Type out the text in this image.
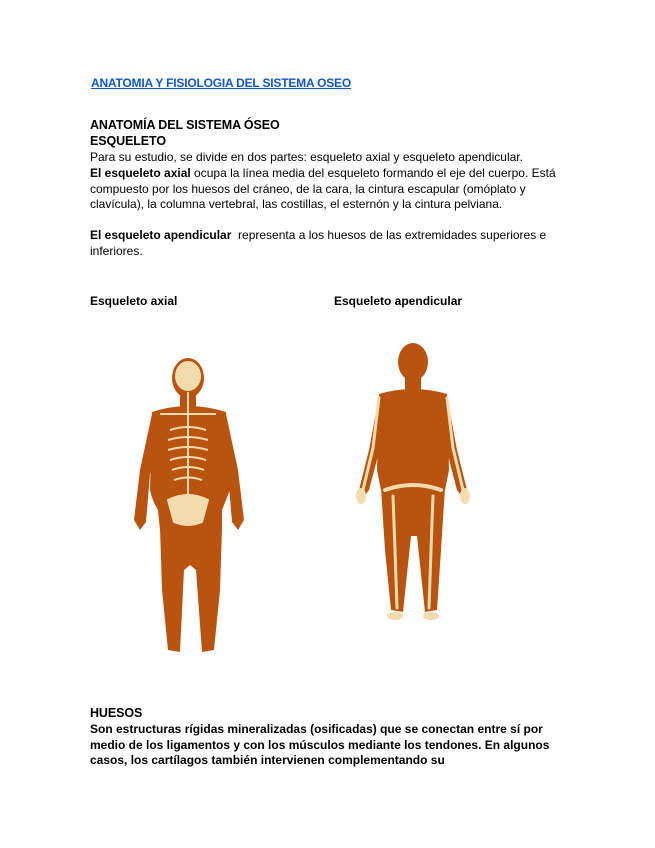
ANATOMIA Y FISIOLOGIA DEL SISTEMA OSEO
ANATOMÍA DEL SISTEMA ÓSEO
ESQUELETO
Para su estudio, se divide en dos partes: esqueleto axial y esqueleto apendicular.
El esqueleto axial ocupa la línea media del esqueleto formando el eje del cuerpo. Está compuesto por los huesos del cráneo, de la cara, la cintura escapular (omóplato y clavícula), la columna vertebral, las costillas, el esternón y la cintura pelviana.
El esqueleto apendicular  representa a los huesos de las extremidades superiores e inferiores.
Esqueleto axial	Esqueleto apendicular
HUESOS
Son estructuras rígidas mineralizadas (osificadas) que se conectan entre sí por medio de los ligamentos y con los músculos mediante los tendones. En algunos casos, los cartílagos también intervienen complementando su
